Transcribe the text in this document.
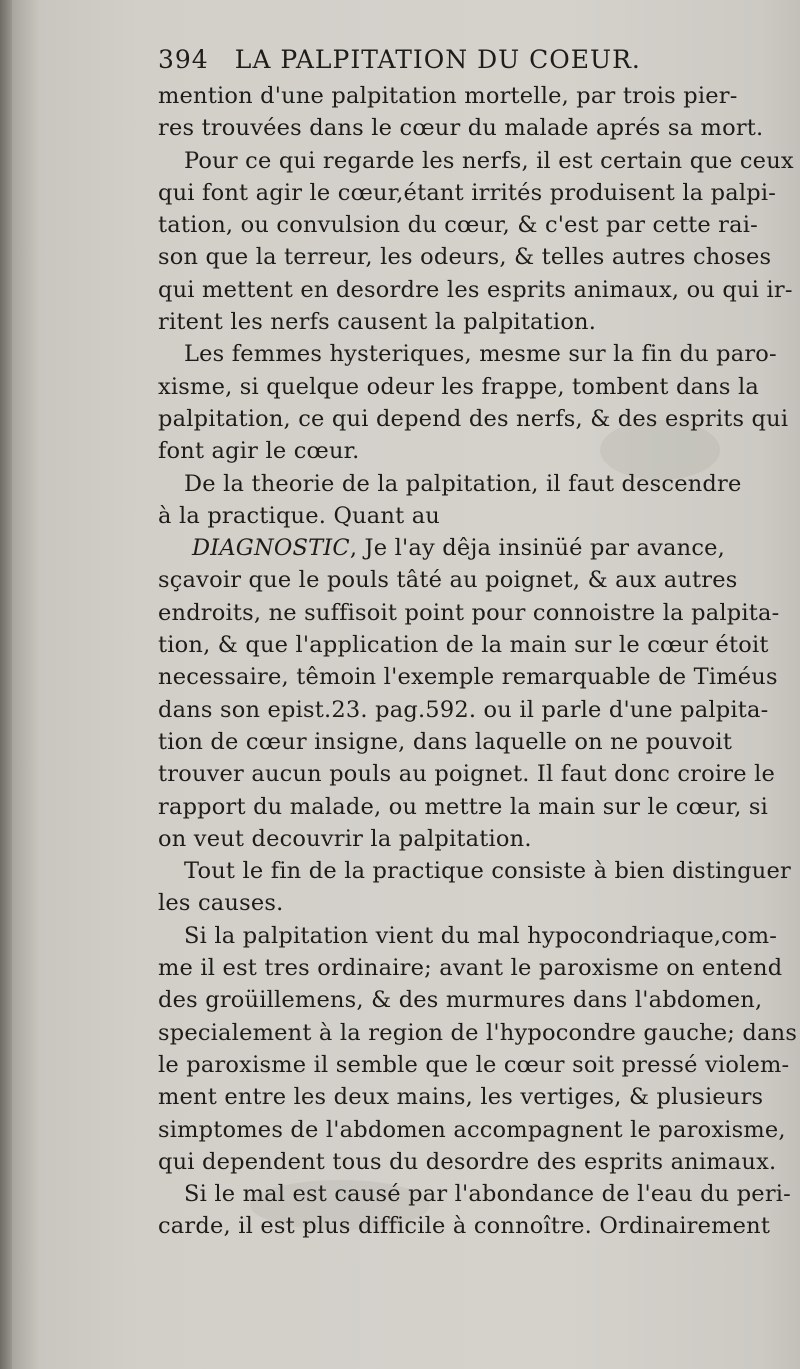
394 LA PALPITATION DU COEUR.
mention d'une palpitation mortelle, par trois pier-
res trouvées dans le cœur du malade aprés sa mort.
Pour ce qui regarde les nerfs, il est certain que ceux
qui font agir le cœur,étant irrités produisent la palpi-
tation, ou convulsion du cœur, & c'est par cette rai-
son que la terreur, les odeurs, & telles autres choses
qui mettent en desordre les esprits animaux, ou qui ir-
ritent les nerfs causent la palpitation.
Les femmes hysteriques, mesme sur la fin du paro-
xisme, si quelque odeur les frappe, tombent dans la
palpitation, ce qui depend des nerfs, & des esprits qui
font agir le cœur.
De la theorie de la palpitation, il faut descendre
à la practique. Quant au
DIAGNOSTIC, Je l'ay dêja insinüé par avance,
sçavoir que le pouls tâté au poignet, & aux autres
endroits, ne suffisoit point pour connoistre la palpita-
tion, & que l'application de la main sur le cœur étoit
necessaire, têmoin l'exemple remarquable de Timéus
dans son epist.23. pag.592. ou il parle d'une palpita-
tion de cœur insigne, dans laquelle on ne pouvoit
trouver aucun pouls au poignet. Il faut donc croire le
rapport du malade, ou mettre la main sur le cœur, si
on veut decouvrir la palpitation.
Tout le fin de la practique consiste à bien distinguer
les causes.
Si la palpitation vient du mal hypocondriaque,com-
me il est tres ordinaire; avant le paroxisme on entend
des groüillemens, & des murmures dans l'abdomen,
specialement à la region de l'hypocondre gauche; dans
le paroxisme il semble que le cœur soit pressé violem-
ment entre les deux mains, les vertiges, & plusieurs
simptomes de l'abdomen accompagnent le paroxisme,
qui dependent tous du desordre des esprits animaux.
Si le mal est causé par l'abondance de l'eau du peri-
carde, il est plus difficile à connoître. Ordinairement
